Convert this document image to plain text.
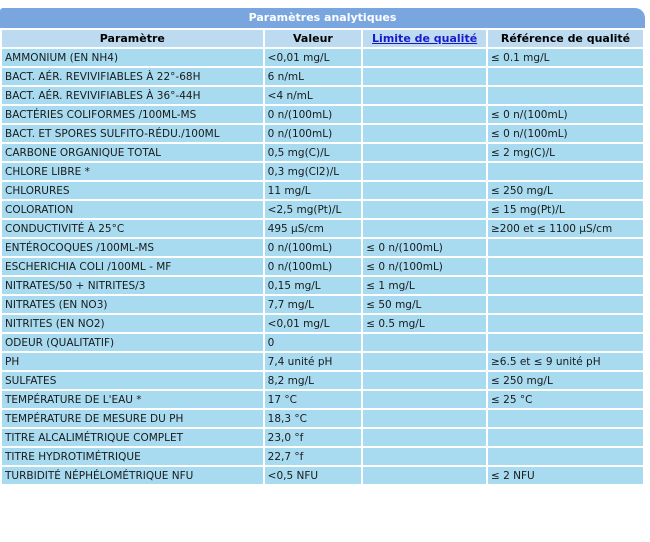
Paramètres analytiques
Paramètre	Valeur	Limite de qualité	Référence de qualité
AMMONIUM (EN NH4)	<0,01 mg/L		≤ 0.1 mg/L
BACT. AÉR. REVIVIFIABLES À 22°-68H	6 n/mL		
BACT. AÉR. REVIVIFIABLES À 36°-44H	<4 n/mL		
BACTÉRIES COLIFORMES /100ML-MS	0 n/(100mL)		≤ 0 n/(100mL)
BACT. ET SPORES SULFITO-RÉDU./100ML	0 n/(100mL)		≤ 0 n/(100mL)
CARBONE ORGANIQUE TOTAL	0,5 mg(C)/L		≤ 2 mg(C)/L
CHLORE LIBRE *	0,3 mg(Cl2)/L		
CHLORURES	11 mg/L		≤ 250 mg/L
COLORATION	<2,5 mg(Pt)/L		≤ 15 mg(Pt)/L
CONDUCTIVITÉ À 25°C	495 µS/cm		≥200 et ≤ 1100 µS/cm
ENTÉROCOQUES /100ML-MS	0 n/(100mL)	≤ 0 n/(100mL)	
ESCHERICHIA COLI /100ML - MF	0 n/(100mL)	≤ 0 n/(100mL)	
NITRATES/50 + NITRITES/3	0,15 mg/L	≤ 1 mg/L	
NITRATES (EN NO3)	7,7 mg/L	≤ 50 mg/L	
NITRITES (EN NO2)	<0,01 mg/L	≤ 0.5 mg/L	
ODEUR (QUALITATIF)	0		
PH	7,4 unité pH		≥6.5 et ≤ 9 unité pH
SULFATES	8,2 mg/L		≤ 250 mg/L
TEMPÉRATURE DE L'EAU *	17 °C		≤ 25 °C
TEMPÉRATURE DE MESURE DU PH	18,3 °C		
TITRE ALCALIMÉTRIQUE COMPLET	23,0 °f		
TITRE HYDROTIMÉTRIQUE	22,7 °f		
TURBIDITÉ NÉPHÉLOMÉTRIQUE NFU	<0,5 NFU		≤ 2 NFU
